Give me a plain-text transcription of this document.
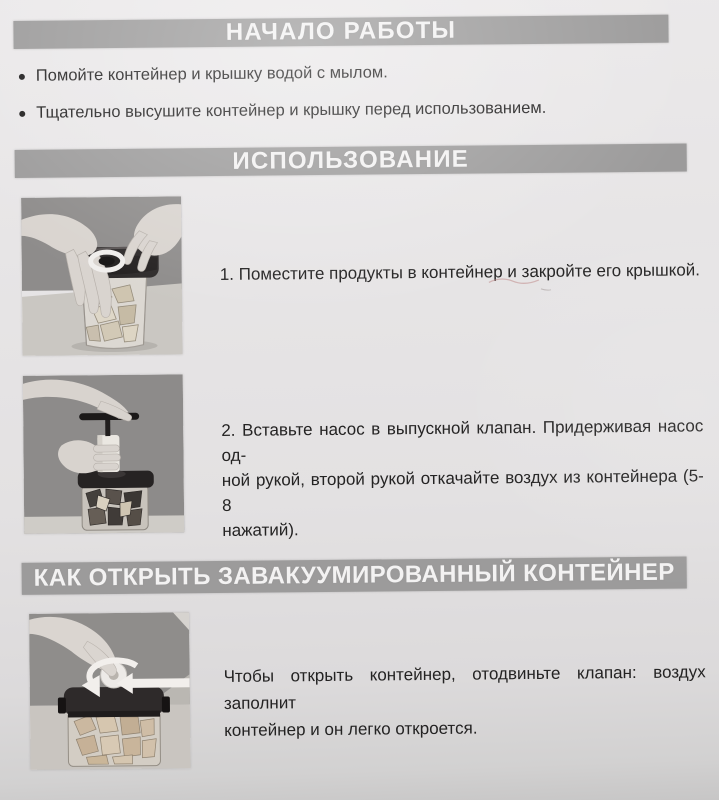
НАЧАЛО РАБОТЫ
Помойте контейнер и крышку водой с мылом.
Тщательно высушите контейнер и крышку перед использованием.
ИСПОЛЬЗОВАНИЕ
1. Поместите продукты в контейнер и закройте его крышкой.
2. Вставьте насос в выпускной клапан. Придерживая насос од-
ной рукой, второй рукой откачайте воздух из контейнера (5-8
нажатий).
КАК ОТКРЫТЬ ЗАВАКУУМИРОВАННЫЙ КОНТЕЙНЕР
Чтобы открыть контейнер, отодвиньте клапан: воздух заполнит
контейнер и он легко откроется.
